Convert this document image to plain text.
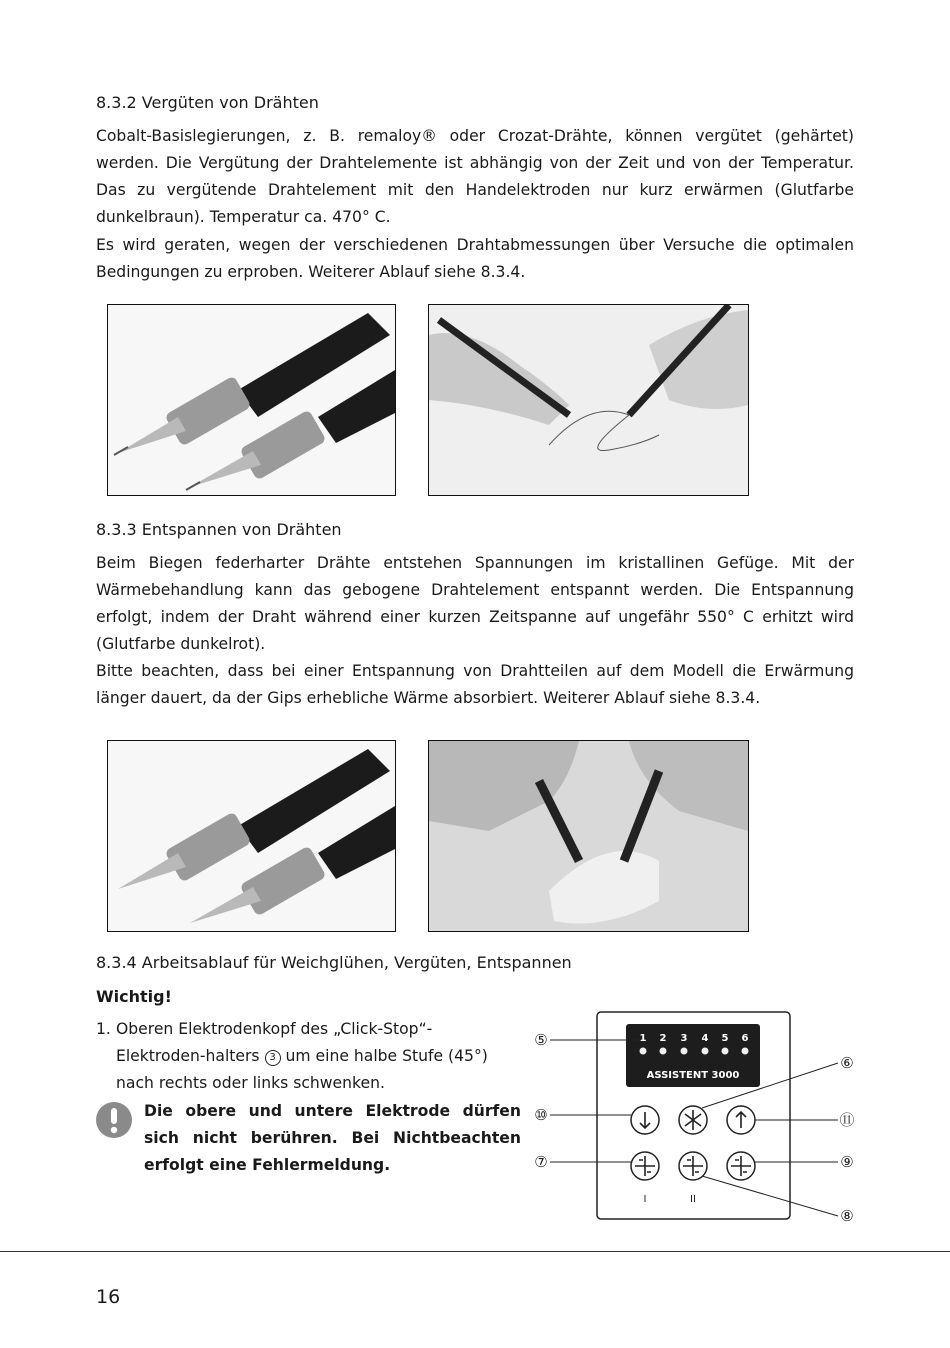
8.3.2 Vergüten von Drähten

Cobalt-Basislegierungen, z. B. remaloy® oder Crozat-Drähte, können vergütet (gehärtet) werden. Die Vergütung der Drahtelemente ist abhängig von der Zeit und von der Temperatur. Das zu vergütende Drahtelement mit den Handelektroden nur kurz erwärmen (Glutfarbe dunkelbraun). Temperatur ca. 470° C.

Es wird geraten, wegen der verschiedenen Drahtabmessungen über Versuche die optimalen Bedingungen zu erproben. Weiterer Ablauf siehe 8.3.4.

8.3.3 Entspannen von Drähten

Beim Biegen federharter Drähte entstehen Spannungen im kristallinen Gefüge. Mit der Wärmebehandlung kann das gebogene Drahtelement entspannt werden. Die Entspannung erfolgt, indem der Draht während einer kurzen Zeitspanne auf ungefähr 550° C erhitzt wird (Glutfarbe dunkelrot).

Bitte beachten, dass bei einer Entspannung von Drahtteilen auf dem Modell die Erwärmung länger dauert, da der Gips erhebliche Wärme absorbiert. Weiterer Ablauf siehe 8.3.4.

8.3.4 Arbeitsablauf für Weichglühen, Vergüten, Entspannen
Wichtig!
1. Oberen Elektrodenkopf des „Click-Stop“-Elektroden-halters 3 um eine halbe Stufe (45°) nach rechts oder links schwenken.
Die obere und untere Elektrode dürfen sich nicht berühren. Bei Nichtbeachten erfolgt eine Fehlermeldung.
1 2 3 4 5 6
ASSISTENT 3000
I	II
⑤
⑥
⑩	⑪
⑦	⑨
⑧
16
